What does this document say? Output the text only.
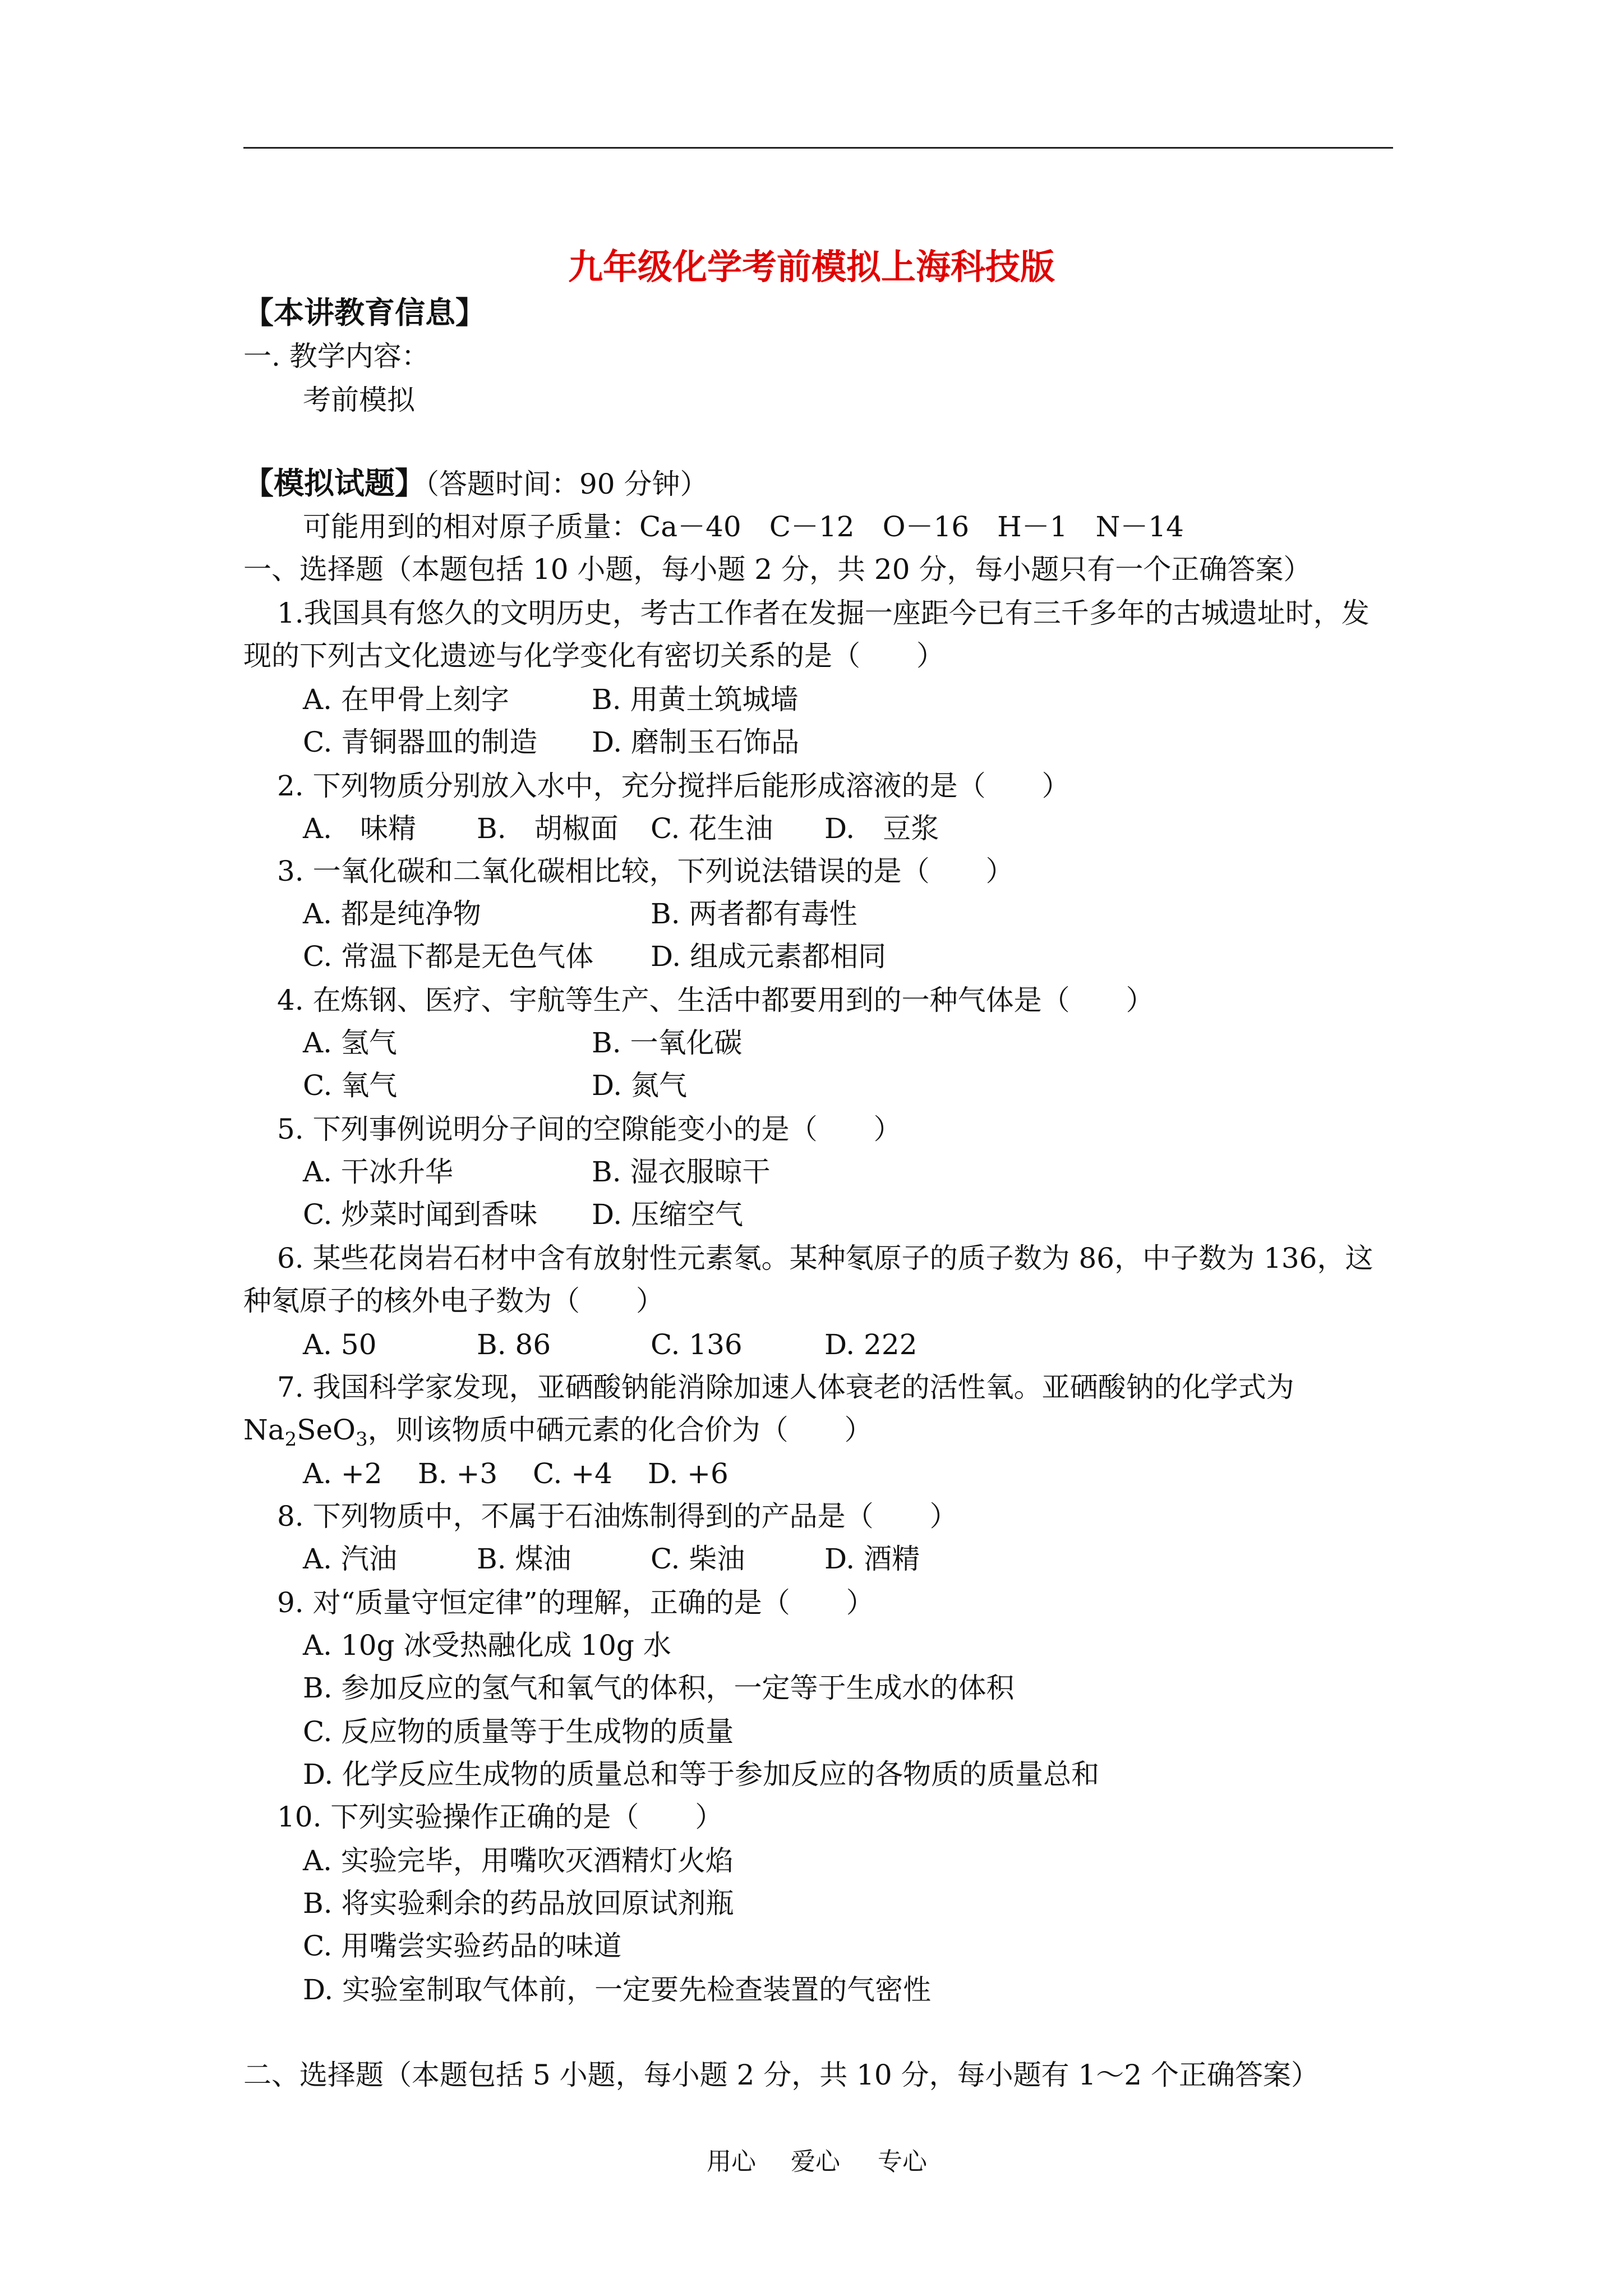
九年级化学考前模拟上海科技版
【本讲教育信息】
一. 教学内容：
考前模拟
【模拟试题】（答题时间：90 分钟）
可能用到的相对原子质量：Ca－40　C－12　O－16　H－1　N－14
一、选择题（本题包括 10 小题，每小题 2 分，共 20 分，每小题只有一个正确答案）
1.我国具有悠久的文明历史，考古工作者在发掘一座距今已有三千多年的古城遗址时，发
现的下列古文化遗迹与化学变化有密切关系的是（　　）
A. 在甲骨上刻字	B. 用黄土筑城墙
C. 青铜器皿的制造 D. 磨制玉石饰品
2. 下列物质分别放入水中，充分搅拌后能形成溶液的是（　　）
A.　味精 B.　胡椒面 C. 花生油 D.　豆浆
3. 一氧化碳和二氧化碳相比较，下列说法错误的是（　　）
A. 都是纯净物	B. 两者都有毒性
C. 常温下都是无色气体 D. 组成元素都相同
4. 在炼钢、医疗、宇航等生产、生活中都要用到的一种气体是（　　）
A. 氢气	B. 一氧化碳
C. 氧气	D. 氮气
5. 下列事例说明分子间的空隙能变小的是（　　）
A. 干冰升华	B. 湿衣服晾干
C. 炒菜时闻到香味 D. 压缩空气
6. 某些花岗岩石材中含有放射性元素氡。某种氡原子的质子数为 86，中子数为 136，这
种氡原子的核外电子数为（　　）
A. 50	B. 86	C. 136	D. 222
7. 我国科学家发现，亚硒酸钠能消除加速人体衰老的活性氧。亚硒酸钠的化学式为
$Na_2SeO_3$，则该物质中硒元素的化合价为（　　）
A. +2 B. +3 C. +4 D. +6
8. 下列物质中，不属于石油炼制得到的产品是（　　）
A. 汽油	B. 煤油	C. 柴油	D. 酒精
9. 对“质量守恒定律”的理解，正确的是（　　）
A. 10g 冰受热融化成 10g 水
B. 参加反应的氢气和氧气的体积，一定等于生成水的体积
C. 反应物的质量等于生成物的质量
D. 化学反应生成物的质量总和等于参加反应的各物质的质量总和
10. 下列实验操作正确的是（　　）
A. 实验完毕，用嘴吹灭酒精灯火焰
B. 将实验剩余的药品放回原试剂瓶
C. 用嘴尝实验药品的味道
D. 实验室制取气体前，一定要先检查装置的气密性
二、选择题（本题包括 5 小题，每小题 2 分，共 10 分，每小题有 1～2 个正确答案）
用心 爱心 专心
